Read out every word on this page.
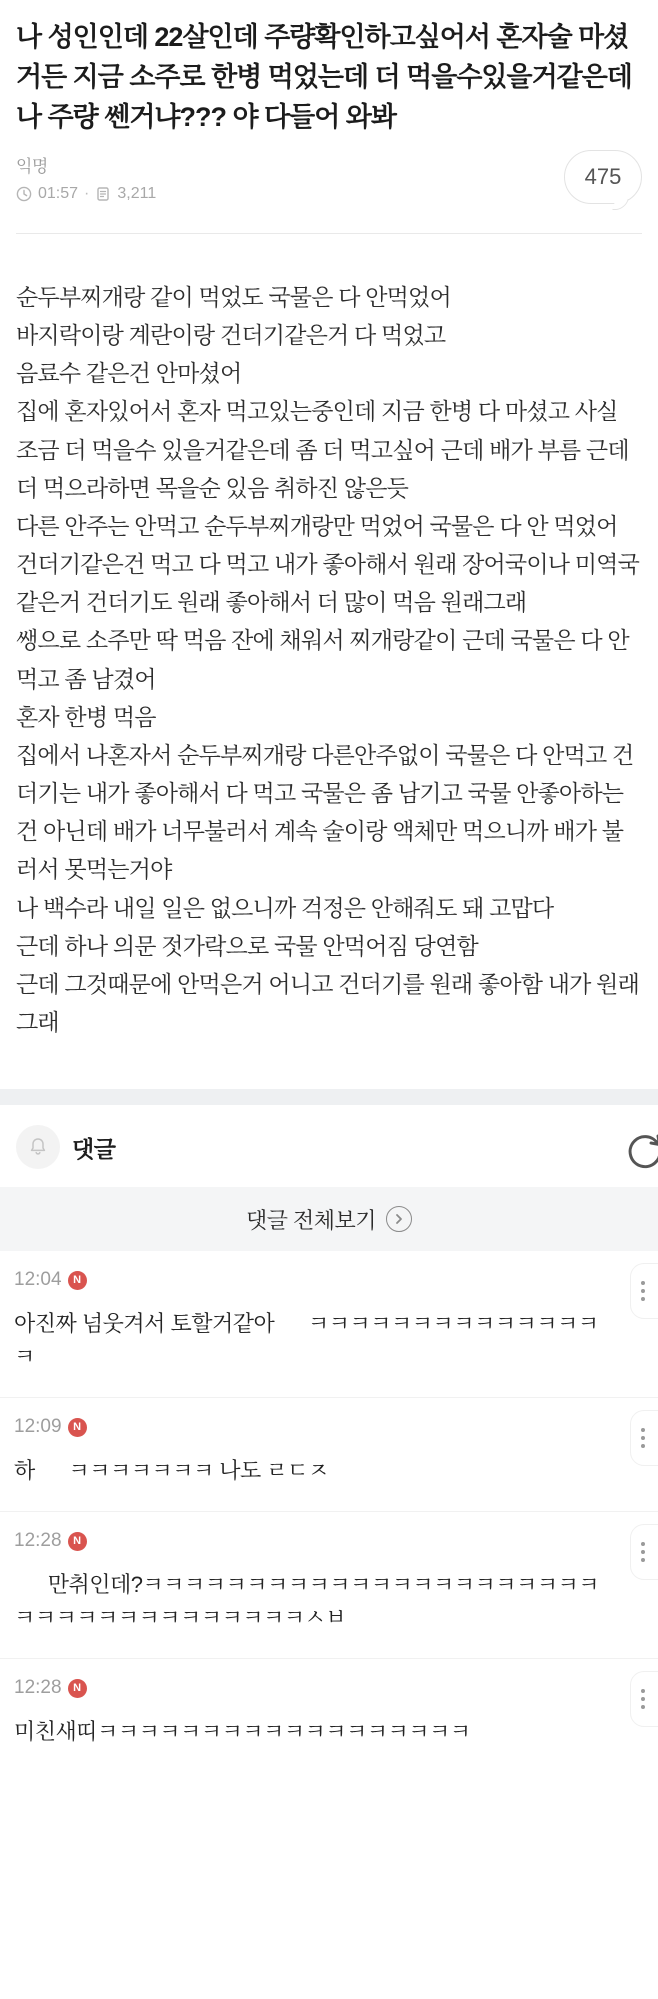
나 성인인데 22살인데 주량확인하고싶어서 혼자술 마셨거든 지금 소주로 한병 먹었는데 더 먹을수있을거같은데 나 주량 쎈거냐??? 야 다들어 와봐
익명
01:57 · 3,211
475

순두부찌개랑 같이 먹었도 국물은 다 안먹었어

바지락이랑 계란이랑 건더기같은거 다 먹었고

음료수 같은건 안마셨어

집에 혼자있어서 혼자 먹고있는중인데 지금 한병 다 마셨고 사실 조금 더 먹을수 있을거같은데 좀 더 먹고싶어 근데 배가 부름 근데 더 먹으라하면 목을순 있음 취하진 않은듯

다른 안주는 안먹고 순두부찌개랑만 먹었어 국물은 다 안 먹었어

건더기같은건 먹고 다 먹고 내가 좋아해서 원래 장어국이나 미역국같은거 건더기도 원래 좋아해서 더 많이 먹음 원래그래

쌩으로 소주만 딱 먹음 잔에 채워서 찌개랑같이 근데 국물은 다 안먹고 좀 남겼어

혼자 한병 먹음

집에서 나혼자서 순두부찌개랑 다른안주없이 국물은 다 안먹고 건더기는 내가 좋아해서 다 먹고 국물은 좀 남기고 국물 안좋아하는건 아닌데 배가 너무불러서 계속 술이랑 액체만 먹으니까 배가 불러서 못먹는거야

나 백수라 내일 일은 없으니까 걱정은 안해줘도 돼 고맙다

근데 하나 의문 젓가락으로 국물 안먹어짐 당연함

근데 그것때문에 안먹은거 어니고 건더기를 원래 좋아함 내가 원래그래

댓글
댓글 전체보기
12:04	N
아진짜 넘웃겨서 토할거같아      ㅋㅋㅋㅋㅋㅋㅋㅋㅋㅋㅋㅋㅋㅋㅋ
12:09	N
하      ㅋㅋㅋㅋㅋㅋㅋ 나도 ㄹㄷㅈ
12:28	N
만취인데?ㅋㅋㅋㅋㅋㅋㅋㅋㅋㅋㅋㅋㅋㅋㅋㅋㅋㅋㅋㅋㅋㅋㅋㅋㅋㅋㅋㅋㅋㅋㅋㅋㅋㅋㅋㅋㅅㅂ
12:28	N
미친새띠ㅋㅋㅋㅋㅋㅋㅋㅋㅋㅋㅋㅋㅋㅋㅋㅋㅋㅋ
